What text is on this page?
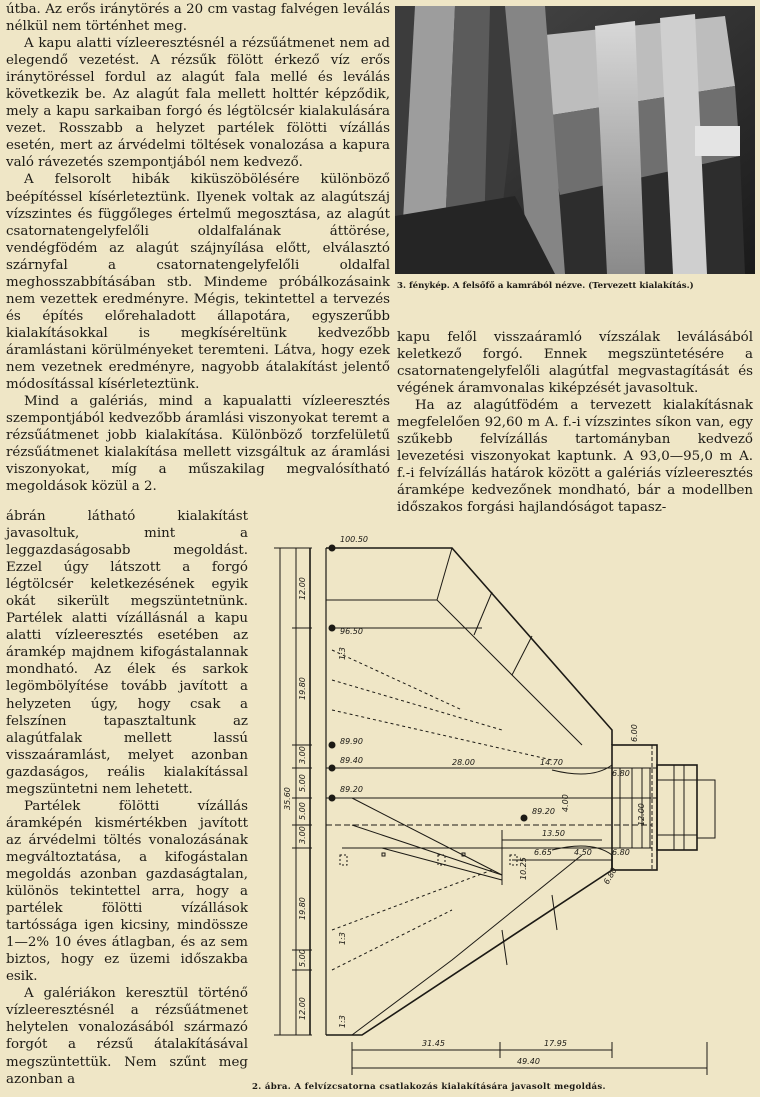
útba. Az erős iránytörés a 20 cm vastag falvégen leválás nélkül nem történhet meg.

A kapu alatti vízleeresztésnél a rézsűátmenet nem ad elegendő vezetést. A rézsűk fölött érkező víz erős iránytöréssel fordul az alagút fala mellé és leválás következik be. Az alagút fala mellett holttér képződik, mely a kapu sarkaiban forgó és légtölcsér kialakulására vezet. Rosszabb a helyzet partélek fölötti vízállás esetén, mert az árvédelmi töltések vonalozása a kapura való rávezetés szempontjából nem kedvező.

A felsorolt hibák kiküszöbölésére különböző beépítéssel kísérleteztünk. Ilyenek voltak az alagútszáj vízszintes és függőleges értelmű megosztása, az alagút csatornatengelyfelőli oldalfalának áttörése, vendégfödém az alagút szájnyílása előtt, elválasztó szárnyfal a csatornatengelyfelőli oldalfal meghosszabbításában stb. Mindeme próbálkozásaink nem vezettek eredményre. Mégis, tekintettel a tervezés és építés előrehaladott állapotára, egyszerűbb kialakításokkal is megkíséreltünk kedvezőbb áramlástani körülményeket teremteni. Látva, hogy ezek nem vezetnek eredményre, nagyobb átalakítást jelentő módosítással kísérleteztünk.

Mind a galériás, mind a kapualatti vízleeresztés szempontjából kedvezőbb áramlási viszonyokat teremt a rézsűátmenet jobb kialakítása. Különböző torzfelületű rézsűátmenet kialakítása mellett vizsgáltuk az áramlási viszonyokat, míg a műszakilag megvalósítható megoldások közül a 2.

3. fénykép. A felsőfő a kamrából nézve. (Tervezett kialakítás.)

kapu felől visszaáramló vízszálak leválásából keletkező forgó. Ennek megszüntetésére a csatornatengelyfelőli alagútfal megvastagítását és végének áramvonalas kiképzését javasoltuk.

Ha az alagútfödém a tervezett kialakításnak megfelelően 92,60 m A. f.-i vízszintes síkon van, egy szűkebb felvízállás tartományban kedvező levezetési viszonyokat kaptunk. A 93,0—95,0 m A. f.-i felvízállás határok között a galériás vízleeresztés áramképe kedvezőnek mondható, bár a modellben időszakos forgási hajlandóságot tapasz-

ábrán látható kialakítást javasoltuk, mint a leggazdaságosabb megoldást. Ezzel úgy látszott a forgó légtölcsér keletkezésének egyik okát sikerült megszüntetnünk. Partélek alatti vízállásnál a kapu alatti vízleeresztés esetében az áramkép majdnem kifogástalannak mondható. Az élek és sarkok legömbölyítése tovább javított a helyzeten úgy, hogy csak a felszínen tapasztaltunk az alagútfalak mellett lassú visszaáramlást, melyet azonban gazdaságos, reális kialakítással megszüntetni nem lehetett.

Partélek fölötti vízállás áramképén kismértékben javított az árvédelmi töltés vonalozásának megváltoztatása, a kifogástalan megoldás azonban gazdaságtalan, különös tekintettel arra, hogy a partélek fölötti vízállások tartóssága igen kicsiny, mindössze 1—2% 10 éves átlagban, és az sem biztos, hogy ez üzemi időszakba esik.

A galériákon keresztül történő vízleeresztésnél a rézsűátmenet helytelen vonalozásából származó forgót a rézsű átalakításával megszüntettük. Nem szűnt meg azonban a

100.50
96.50
89.90
89.40
89.20
89.20
12.00
19.80
3.00
5.00
5.00
3.00
19.80
5.00
12.00
35.60
28.00	14.70
6.00
6.80
12.00
4.00
13.50
6.65	4.50	6.80
10.25	6.80
1:3
1:3
1:3
31.45	17.95
49.40
2. ábra. A felvízcsatorna csatlakozás kialakítására javasolt megoldás.
